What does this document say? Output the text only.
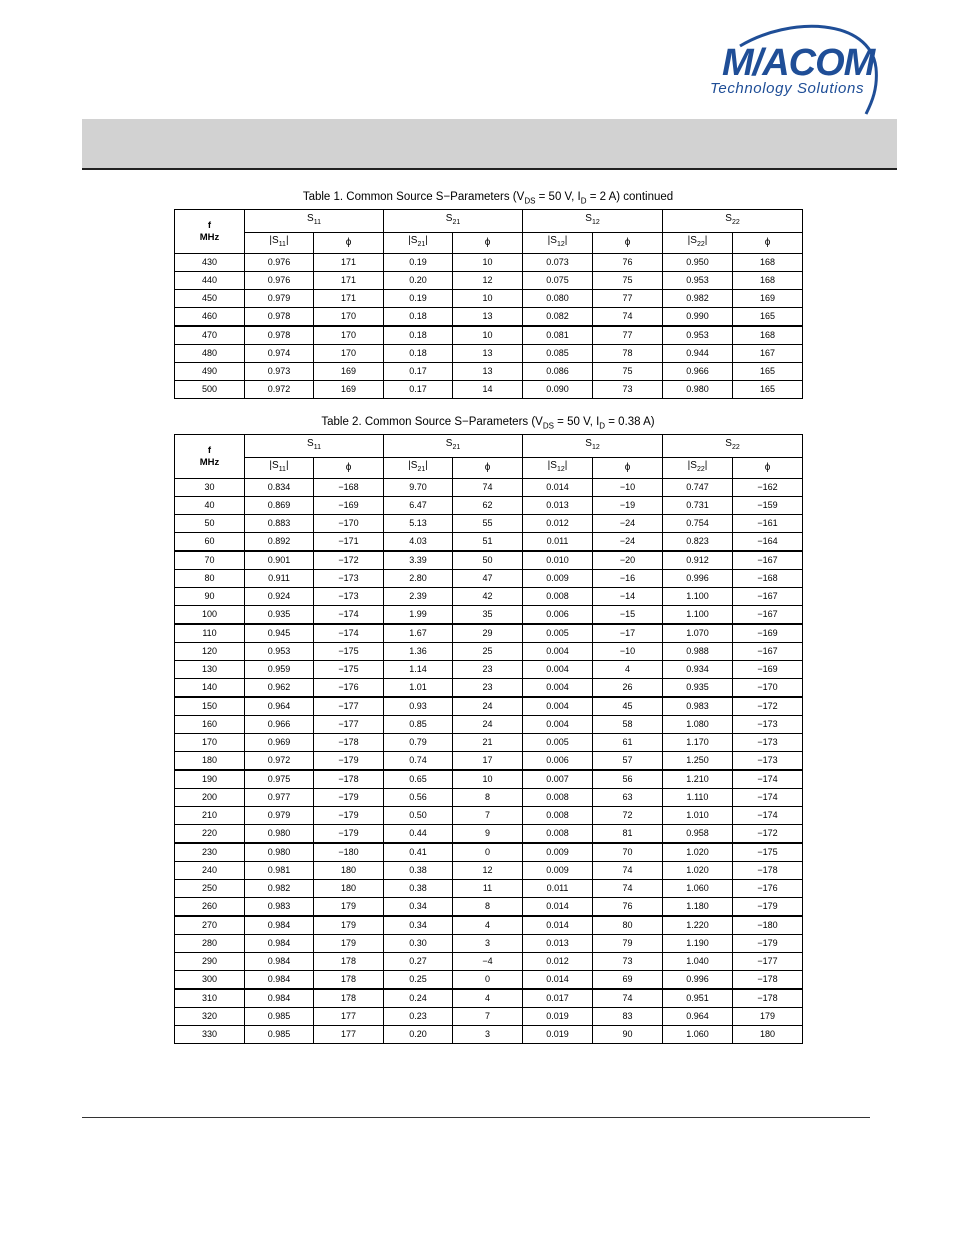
M/ACOM
Technology Solutions
Table 1. Common Source S−Parameters ($V_{DS} = 50$ V, $I_D = 2$ A) continued
f
MHz	$S_{11}$		$S_{21}$		$S_{12}$		$S_{22}$
	$|S_{11}|$	ϕ	$|S_{21}|$	ϕ	$|S_{12}|$	ϕ	$|S_{22}|$	ϕ
430	0.976	171	0.19	10	0.073	76	0.950	168
440	0.976	171	0.20	12	0.075	75	0.953	168
450	0.979	171	0.19	10	0.080	77	0.982	169
460	0.978	170	0.18	13	0.082	74	0.990	165
470	0.978	170	0.18	10	0.081	77	0.953	168
480	0.974	170	0.18	13	0.085	78	0.944	167
490	0.973	169	0.17	13	0.086	75	0.966	165
500	0.972	169	0.17	14	0.090	73	0.980	165
Table 2. Common Source S−Parameters ($V_{DS} = 50$ V, $I_D = 0.38$ A)
f
MHz	$S_{11}$		$S_{21}$		$S_{12}$		$S_{22}$
	$|S_{11}|$	ϕ	$|S_{21}|$	ϕ	$|S_{12}|$	ϕ	$|S_{22}|$	ϕ
30	0.834	−168	9.70	74	0.014	−10	0.747	−162
40	0.869	−169	6.47	62	0.013	−19	0.731	−159
50	0.883	−170	5.13	55	0.012	−24	0.754	−161
60	0.892	−171	4.03	51	0.011	−24	0.823	−164
70	0.901	−172	3.39	50	0.010	−20	0.912	−167
80	0.911	−173	2.80	47	0.009	−16	0.996	−168
90	0.924	−173	2.39	42	0.008	−14	1.100	−167
100	0.935	−174	1.99	35	0.006	−15	1.100	−167
110	0.945	−174	1.67	29	0.005	−17	1.070	−169
120	0.953	−175	1.36	25	0.004	−10	0.988	−167
130	0.959	−175	1.14	23	0.004	4	0.934	−169
140	0.962	−176	1.01	23	0.004	26	0.935	−170
150	0.964	−177	0.93	24	0.004	45	0.983	−172
160	0.966	−177	0.85	24	0.004	58	1.080	−173
170	0.969	−178	0.79	21	0.005	61	1.170	−173
180	0.972	−179	0.74	17	0.006	57	1.250	−173
190	0.975	−178	0.65	10	0.007	56	1.210	−174
200	0.977	−179	0.56	8	0.008	63	1.110	−174
210	0.979	−179	0.50	7	0.008	72	1.010	−174
220	0.980	−179	0.44	9	0.008	81	0.958	−172
230	0.980	−180	0.41	0	0.009	70	1.020	−175
240	0.981	180	0.38	12	0.009	74	1.020	−178
250	0.982	180	0.38	11	0.011	74	1.060	−176
260	0.983	179	0.34	8	0.014	76	1.180	−179
270	0.984	179	0.34	4	0.014	80	1.220	−180
280	0.984	179	0.30	3	0.013	79	1.190	−179
290	0.984	178	0.27	−4	0.012	73	1.040	−177
300	0.984	178	0.25	0	0.014	69	0.996	−178
310	0.984	178	0.24	4	0.017	74	0.951	−178
320	0.985	177	0.23	7	0.019	83	0.964	179
330	0.985	177	0.20	3	0.019	90	1.060	180
